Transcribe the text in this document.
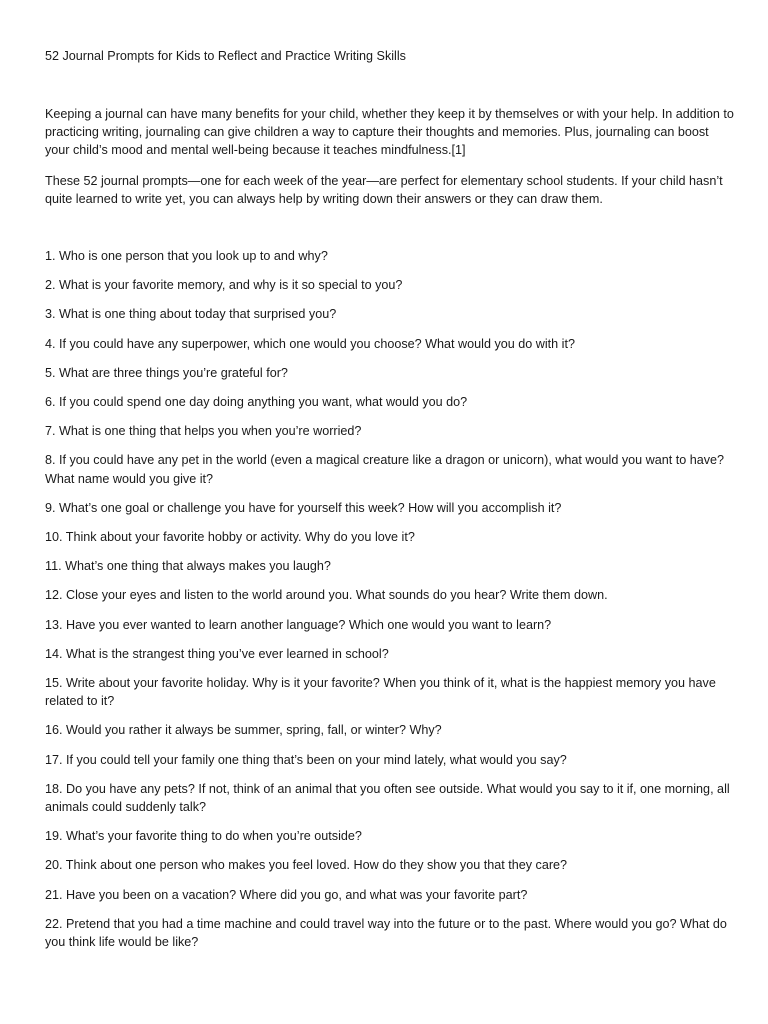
52 Journal Prompts for Kids to Reflect and Practice Writing Skills

Keeping a journal can have many benefits for your child, whether they keep it by themselves or with your help. In addition to practicing writing, journaling can give children a way to capture their thoughts and memories. Plus, journaling can boost your child’s mood and mental well-being because it teaches mindfulness.[1]

These 52 journal prompts—one for each week of the year—are perfect for elementary school students. If your child hasn’t quite learned to write yet, you can always help by writing down their answers or they can draw them.

1. Who is one person that you look up to and why?
2. What is your favorite memory, and why is it so special to you?
3. What is one thing about today that surprised you?
4. If you could have any superpower, which one would you choose? What would you do with it?
5. What are three things you’re grateful for?
6. If you could spend one day doing anything you want, what would you do?
7. What is one thing that helps you when you’re worried?
8. If you could have any pet in the world (even a magical creature like a dragon or unicorn), what would you want to have? What name would you give it?
9. What’s one goal or challenge you have for yourself this week? How will you accomplish it?
10. Think about your favorite hobby or activity. Why do you love it?
11. What’s one thing that always makes you laugh?
12. Close your eyes and listen to the world around you. What sounds do you hear? Write them down.
13. Have you ever wanted to learn another language? Which one would you want to learn?
14. What is the strangest thing you’ve ever learned in school?
15. Write about your favorite holiday. Why is it your favorite? When you think of it, what is the happiest memory you have related to it?
16. Would you rather it always be summer, spring, fall, or winter? Why?
17. If you could tell your family one thing that’s been on your mind lately, what would you say?
18. Do you have any pets? If not, think of an animal that you often see outside. What would you say to it if, one morning, all animals could suddenly talk?
19. What’s your favorite thing to do when you’re outside?
20. Think about one person who makes you feel loved. How do they show you that they care?
21. Have you been on a vacation? Where did you go, and what was your favorite part?
22. Pretend that you had a time machine and could travel way into the future or to the past. Where would you go? What do you think life would be like?
